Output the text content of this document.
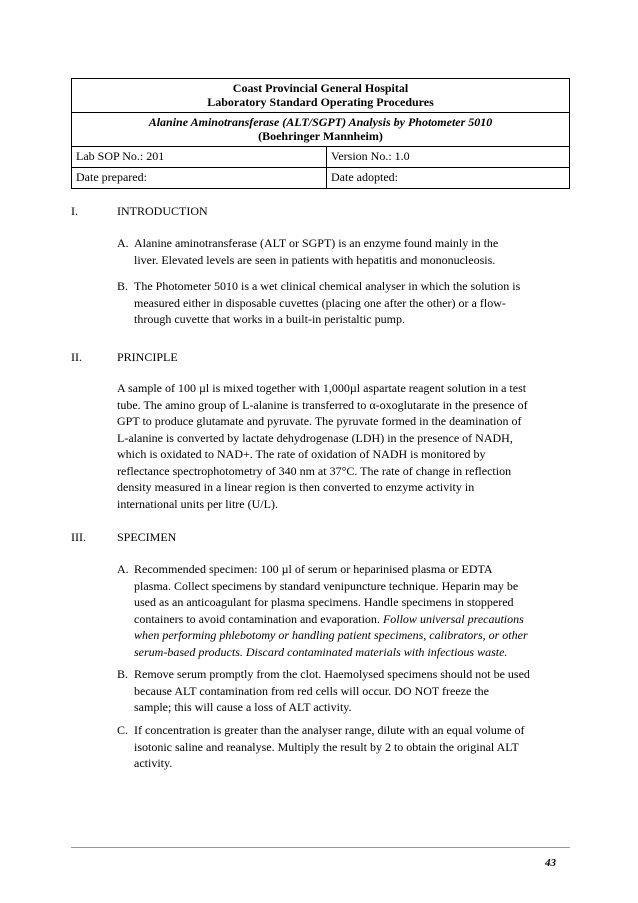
Coast Provincial General Hospital
Laboratory Standard Operating Procedures	

Alanine Aminotransferase (ALT/SGPT) Analysis by Photometer 5010
(Boehringer Mannheim)	

Lab SOP No.: 201	Version No.: 1.0
Date prepared:	Date adopted:
I.	INTRODUCTION
A. Alanine aminotransferase (ALT or SGPT) is an enzyme found mainly in the
liver. Elevated levels are seen in patients with hepatitis and mononucleosis.
B. The Photometer 5010 is a wet clinical chemical analyser in which the solution is
measured either in disposable cuvettes (placing one after the other) or a flow-
through cuvette that works in a built-in peristaltic pump.
II.	PRINCIPLE
A sample of 100 µl is mixed together with 1,000µl aspartate reagent solution in a test
tube. The amino group of L-alanine is transferred to α-oxoglutarate in the presence of
GPT to produce glutamate and pyruvate. The pyruvate formed in the deamination of
L-alanine is converted by lactate dehydrogenase (LDH) in the presence of NADH,
which is oxidated to NAD+. The rate of oxidation of NADH is monitored by
reflectance spectrophotometry of 340 nm at 37°C. The rate of change in reflection
density measured in a linear region is then converted to enzyme activity in
international units per litre (U/L).
III.	SPECIMEN
A. Recommended specimen: 100 µl of serum or heparinised plasma or EDTA
plasma. Collect specimens by standard venipuncture technique. Heparin may be
used as an anticoagulant for plasma specimens. Handle specimens in stoppered
containers to avoid contamination and evaporation. Follow universal precautions
when performing phlebotomy or handling patient specimens, calibrators, or other
serum-based products. Discard contaminated materials with infectious waste.
B. Remove serum promptly from the clot. Haemolysed specimens should not be used
because ALT contamination from red cells will occur. DO NOT freeze the
sample; this will cause a loss of ALT activity.
C. If concentration is greater than the analyser range, dilute with an equal volume of
isotonic saline and reanalyse. Multiply the result by 2 to obtain the original ALT
activity.
43
